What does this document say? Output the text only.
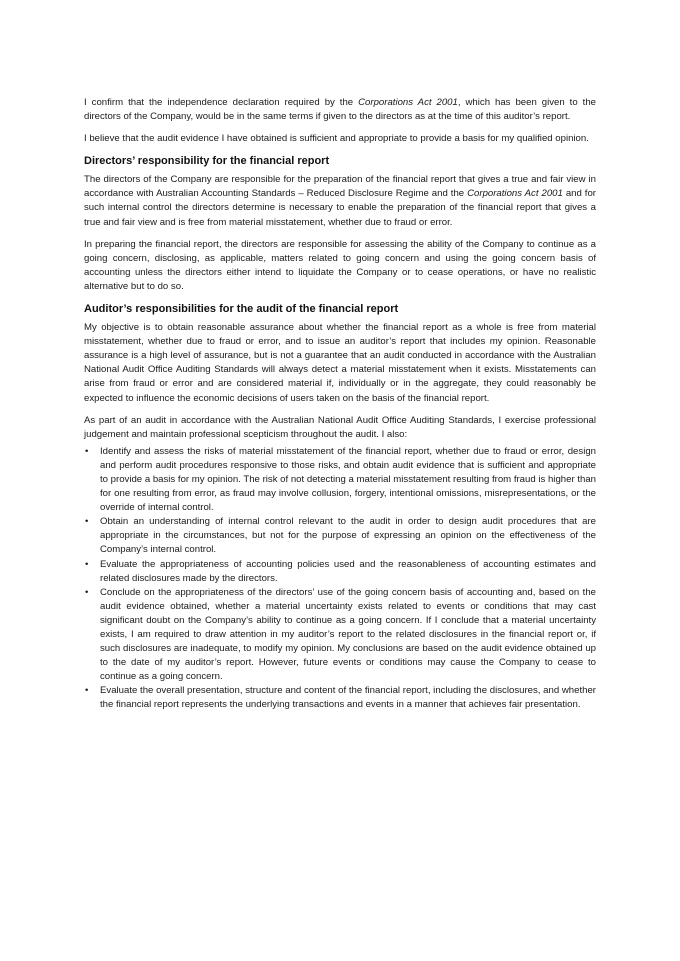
I confirm that the independence declaration required by the Corporations Act 2001, which has been given to the directors of the Company, would be in the same terms if given to the directors as at the time of this auditor’s report.

I believe that the audit evidence I have obtained is sufficient and appropriate to provide a basis for my qualified opinion.

Directors’ responsibility for the financial report

The directors of the Company are responsible for the preparation of the financial report that gives a true and fair view in accordance with Australian Accounting Standards – Reduced Disclosure Regime and the Corporations Act 2001 and for such internal control the directors determine is necessary to enable the preparation of the financial report that gives a true and fair view and is free from material misstatement, whether due to fraud or error.

In preparing the financial report, the directors are responsible for assessing the ability of the Company to continue as a going concern, disclosing, as applicable, matters related to going concern and using the going concern basis of accounting unless the directors either intend to liquidate the Company or to cease operations, or have no realistic alternative but to do so.

Auditor’s responsibilities for the audit of the financial report

My objective is to obtain reasonable assurance about whether the financial report as a whole is free from material misstatement, whether due to fraud or error, and to issue an auditor’s report that includes my opinion. Reasonable assurance is a high level of assurance, but is not a guarantee that an audit conducted in accordance with the Australian National Audit Office Auditing Standards will always detect a material misstatement when it exists. Misstatements can arise from fraud or error and are considered material if, individually or in the aggregate, they could reasonably be expected to influence the economic decisions of users taken on the basis of the financial report.

As part of an audit in accordance with the Australian National Audit Office Auditing Standards, I exercise professional judgement and maintain professional scepticism throughout the audit. I also:

• Identify and assess the risks of material misstatement of the financial report, whether due to fraud or error, design and perform audit procedures responsive to those risks, and obtain audit evidence that is sufficient and appropriate to provide a basis for my opinion. The risk of not detecting a material misstatement resulting from fraud is higher than for one resulting from error, as fraud may involve collusion, forgery, intentional omissions, misrepresentations, or the override of internal control.
• Obtain an understanding of internal control relevant to the audit in order to design audit procedures that are appropriate in the circumstances, but not for the purpose of expressing an opinion on the effectiveness of the Company’s internal control.
• Evaluate the appropriateness of accounting policies used and the reasonableness of accounting estimates and related disclosures made by the directors.
• Conclude on the appropriateness of the directors’ use of the going concern basis of accounting and, based on the audit evidence obtained, whether a material uncertainty exists related to events or conditions that may cast significant doubt on the Company’s ability to continue as a going concern. If I conclude that a material uncertainty exists, I am required to draw attention in my auditor’s report to the related disclosures in the financial report or, if such disclosures are inadequate, to modify my opinion. My conclusions are based on the audit evidence obtained up to the date of my auditor’s report. However, future events or conditions may cause the Company to cease to continue as a going concern.
• Evaluate the overall presentation, structure and content of the financial report, including the disclosures, and whether the financial report represents the underlying transactions and events in a manner that achieves fair presentation.
